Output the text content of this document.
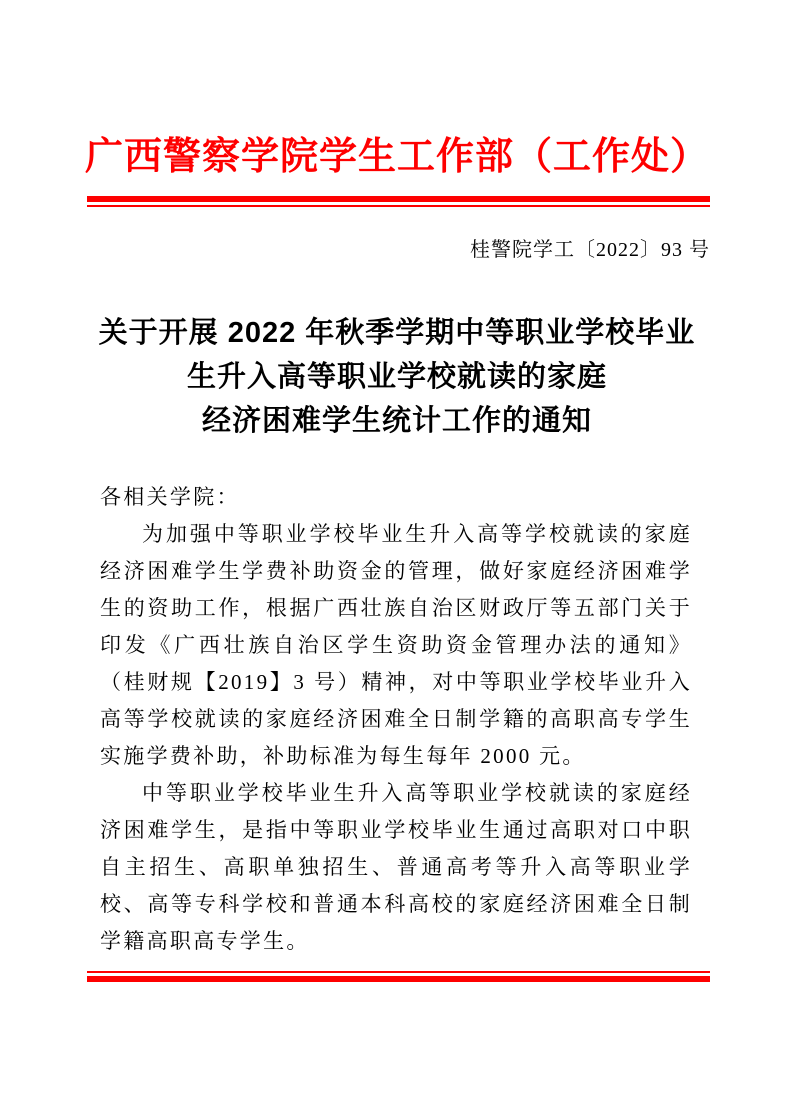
广西警察学院学生工作部（工作处）
桂警院学工〔2022〕93 号
关于开展 2022 年秋季学期中等职业学校毕业
生升入高等职业学校就读的家庭
经济困难学生统计工作的通知

各相关学院：

为加强中等职业学校毕业生升入高等学校就读的家庭经济困难学生学费补助资金的管理，做好家庭经济困难学生的资助工作，根据广西壮族自治区财政厅等五部门关于印发《广西壮族自治区学生资助资金管理办法的通知》（桂财规【2019】3 号）精神，对中等职业学校毕业升入高等学校就读的家庭经济困难全日制学籍的高职高专学生实施学费补助，补助标准为每生每年 2000 元。

中等职业学校毕业生升入高等职业学校就读的家庭经济困难学生，是指中等职业学校毕业生通过高职对口中职自主招生、高职单独招生、普通高考等升入高等职业学校、高等专科学校和普通本科高校的家庭经济困难全日制学籍高职高专学生。
